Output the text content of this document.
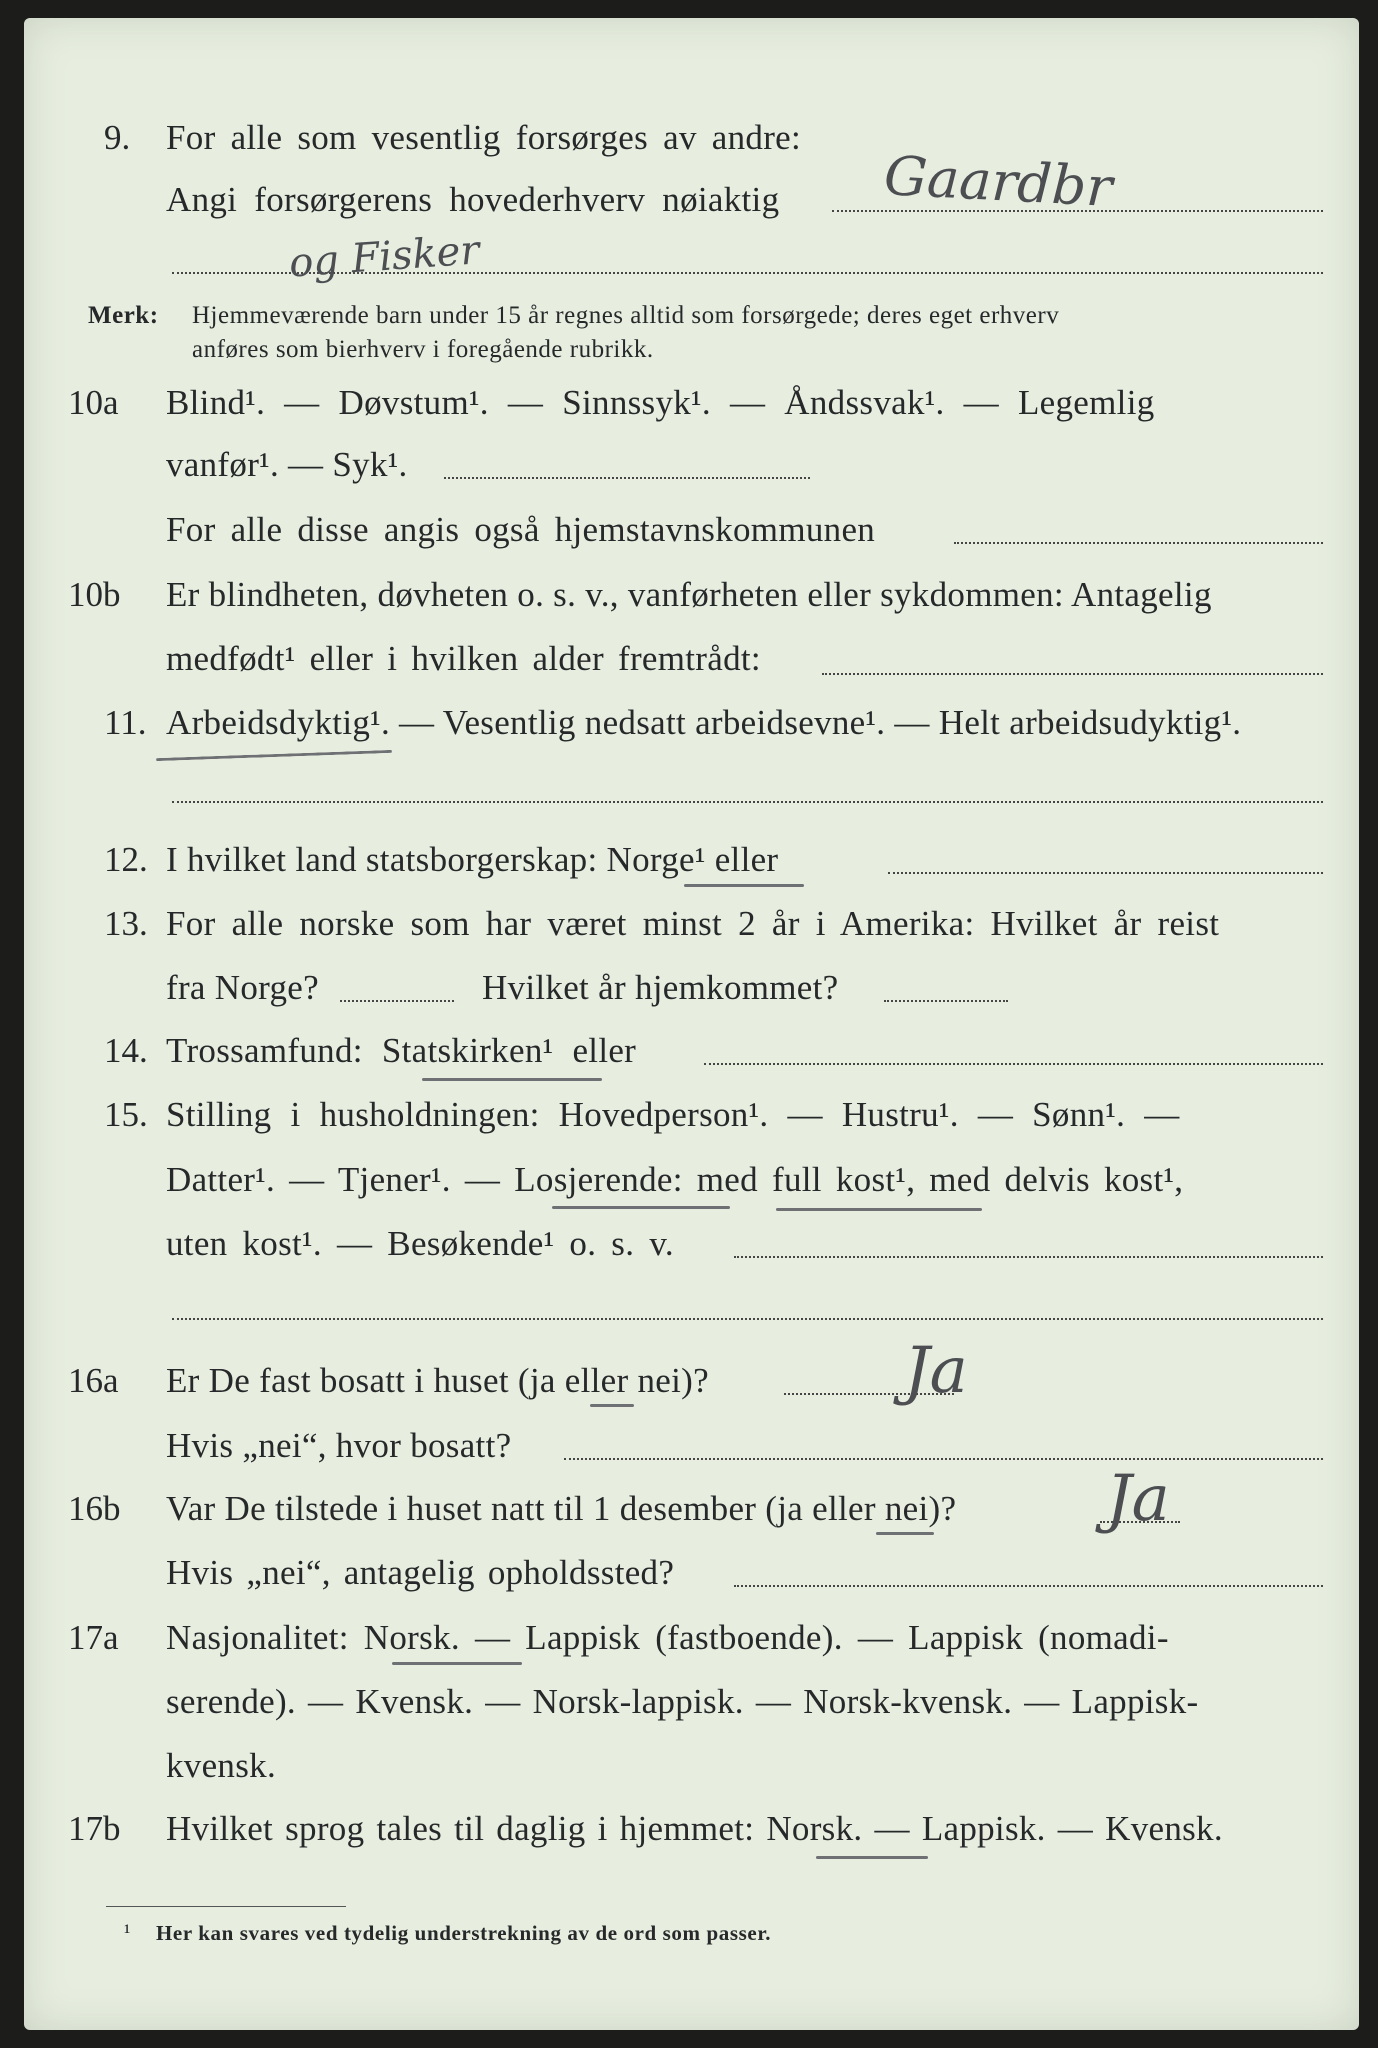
9. For alle som vesentlig forsørges av andre:
Angi forsørgerens hovederhverv nøiaktig Gaardbr
og Fisker
Merk: Hjemmeværende barn under 15 år regnes alltid som forsørgede; deres eget erhverv
anføres som bierhverv i foregående rubrikk.
10a Blind¹. — Døvstum¹. — Sinnssyk¹. — Åndssvak¹. — Legemlig
vanfør¹. — Syk¹.
For alle disse angis også hjemstavnskommunen
10b Er blindheten, døvheten o. s. v., vanførheten eller sykdommen: Antagelig
medfødt¹ eller i hvilken alder fremtrådt:
11. Arbeidsdyktig¹. — Vesentlig nedsatt arbeidsevne¹. — Helt arbeidsudyktig¹.
12. I hvilket land statsborgerskap: Norge¹ eller
13. For alle norske som har været minst 2 år i Amerika: Hvilket år reist
fra Norge?	Hvilket år hjemkommet?
14. Trossamfund: Statskirken¹ eller
15. Stilling i husholdningen: Hovedperson¹. — Hustru¹. — Sønn¹. —
Datter¹. — Tjener¹. — Losjerende: med full kost¹, med delvis kost¹,
uten kost¹. — Besøkende¹ o. s. v.
16a Er De fast bosatt i huset (ja eller nei)?	Ja
Hvis „nei“, hvor bosatt?
16b Var De tilstede i huset natt til 1 desember (ja eller nei)? Ja
Hvis „nei“, antagelig opholdssted?
17a Nasjonalitet: Norsk. — Lappisk (fastboende). — Lappisk (nomadi-
serende). — Kvensk. — Norsk-lappisk. — Norsk-kvensk. — Lappisk-
kvensk.
17b Hvilket sprog tales til daglig i hjemmet: Norsk. — Lappisk. — Kvensk.
¹ Her kan svares ved tydelig understrekning av de ord som passer.
